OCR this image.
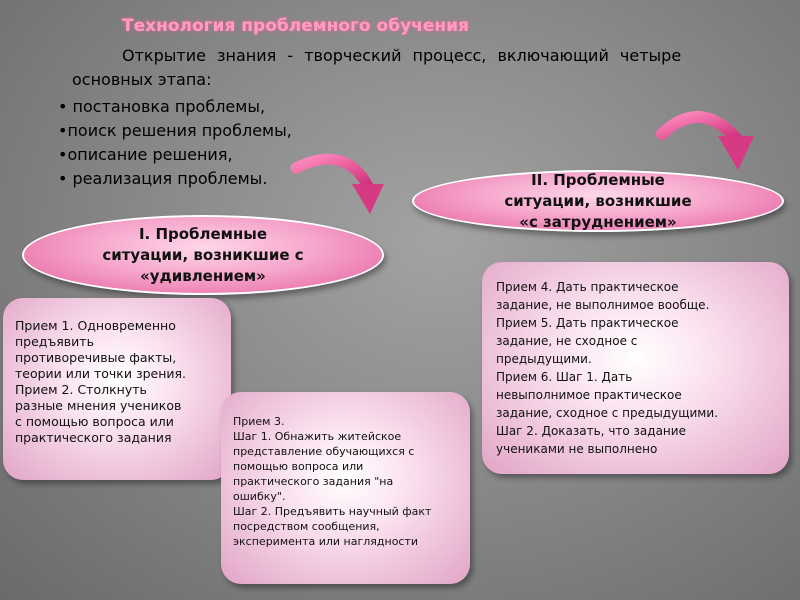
Технология проблемного обучения
Открытие знания - творческий процесс, включающий четыре
основных этапа:
• постановка проблемы,
•поиск решения проблемы,
•описание решения,
• реализация проблемы.
I. Проблемные
ситуации, возникшие с
«удивлением»
II. Проблемные
ситуации, возникшие
«с затруднением»

Прием 1. Одновременно

предъявить

противоречивые факты,

теории или точки зрения.

Прием 2. Столкнуть

разные мнения учеников

с помощью вопроса или

практического задания

Прием 3.

Шаг 1. Обнажить житейское

представление обучающихся с

помощью вопроса или

практического задания "на

ошибку".

Шаг 2. Предъявить научный факт

посредством сообщения,

эксперимента или наглядности

Прием 4. Дать практическое

задание, не выполнимое вообще.

Прием 5. Дать практическое

задание, не сходное с

предыдущими.

Прием 6. Шаг 1. Дать

невыполнимое практическое

задание, сходное с предыдущими.

Шаг 2. Доказать, что задание

учениками не выполнено
